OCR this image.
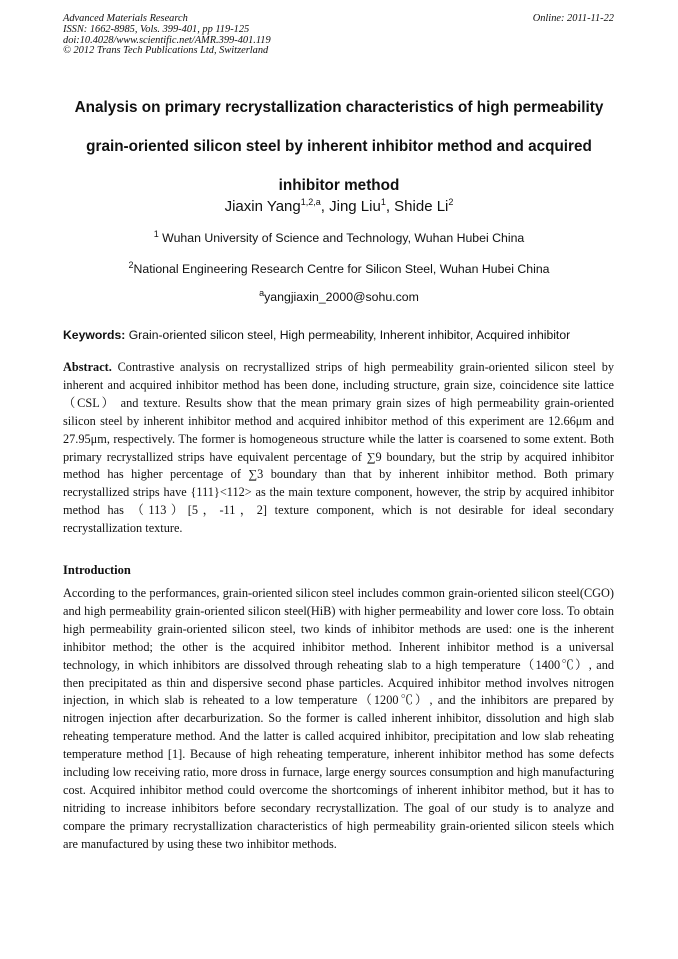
Advanced Materials Research
ISSN: 1662-8985, Vols. 399-401, pp 119-125
doi:10.4028/www.scientific.net/AMR.399-401.119
© 2012 Trans Tech Publications Ltd, Switzerland
Online: 2011-11-22
Analysis on primary recrystallization characteristics of high permeability
grain-oriented silicon steel by inherent inhibitor method and acquired
inhibitor method
Jiaxin Yang$^{1,2,a}$, Jing Liu$^1$, Shide Li$^2$
$^1$ Wuhan University of Science and Technology, Wuhan Hubei China
$^2$National Engineering Research Centre for Silicon Steel, Wuhan Hubei China
$^a$yangjiaxin_2000@sohu.com
Keywords: Grain-oriented silicon steel, High permeability, Inherent inhibitor, Acquired inhibitor
Abstract. Contrastive analysis on recrystallized strips of high permeability grain-oriented silicon steel by inherent and acquired inhibitor method has been done, including structure, grain size, coincidence site lattice（CSL） and texture. Results show that the mean primary grain sizes of high permeability grain-oriented silicon steel by inherent inhibitor method and acquired inhibitor method of this experiment are 12.66μm and 27.95μm, respectively. The former is homogeneous structure while the latter is coarsened to some extent. Both primary recrystallized strips have equivalent percentage of ∑9 boundary, but the strip by acquired inhibitor method has higher percentage of ∑3 boundary than that by inherent inhibitor method. Both primary recrystallized strips have {111}<112> as the main texture component, however, the strip by acquired inhibitor method has （113）[5，-11，2] texture component, which is not desirable for ideal secondary recrystallization texture.
Introduction
According to the performances, grain-oriented silicon steel includes common grain-oriented silicon steel(CGO) and high permeability grain-oriented silicon steel(HiB) with higher permeability and lower core loss. To obtain high permeability grain-oriented silicon steel, two kinds of inhibitor methods are used: one is the inherent inhibitor method; the other is the acquired inhibitor method. Inherent inhibitor method is a universal technology, in which inhibitors are dissolved through reheating slab to a high temperature（1400℃）, and then precipitated as thin and dispersive second phase particles. Acquired inhibitor method involves nitrogen injection, in which slab is reheated to a low temperature（1200℃）, and the inhibitors are prepared by nitrogen injection after decarburization. So the former is called inherent inhibitor, dissolution and high slab reheating temperature method. And the latter is called acquired inhibitor, precipitation and low slab reheating temperature method [1]. Because of high reheating temperature, inherent inhibitor method has some defects including low receiving ratio, more dross in furnace, large energy sources consumption and high manufacturing cost. Acquired inhibitor method could overcome the shortcomings of inherent inhibitor method, but it has to nitriding to increase inhibitors before secondary recrystallization. The goal of our study is to analyze and compare the primary recrystallization characteristics of high permeability grain-oriented silicon steels which are manufactured by using these two inhibitor methods.
